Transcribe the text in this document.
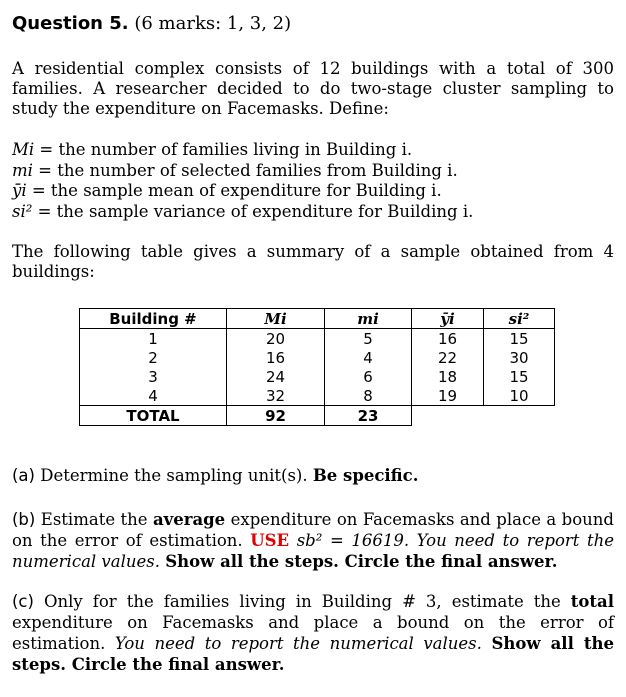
Question 5. (6 marks: 1, 3, 2)
A residential complex consists of 12 buildings with a total of 300 families. A researcher decided to do two-stage cluster sampling to study the expenditure on Facemasks. Define:
Mi = the number of families living in Building i.
mi = the number of selected families from Building i.
ȳi = the sample mean of expenditure for Building i.
si² = the sample variance of expenditure for Building i.
The following table gives a summary of a sample obtained from 4 buildings:
Building #	Mi	mi	ȳi	si²
1	20	5	16	15
2	16	4	22	30
3	24	6	18	15
4	32	8	19	10
TOTAL	92	23		
(a) Determine the sampling unit(s). Be specific.
(b) Estimate the average expenditure on Facemasks and place a bound on the error of estimation. USE sb² = 16619. You need to report the numerical values. Show all the steps. Circle the final answer.
(c) Only for the families living in Building # 3, estimate the total expenditure on Facemasks and place a bound on the error of estimation. You need to report the numerical values. Show all the steps. Circle the final answer.
